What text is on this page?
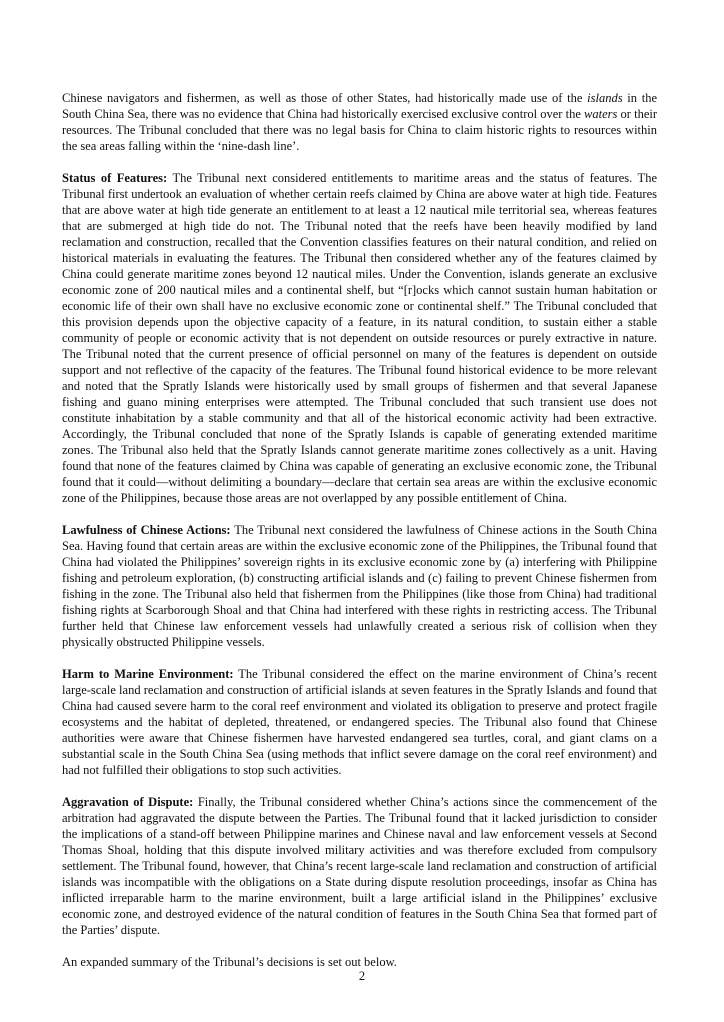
Chinese navigators and fishermen, as well as those of other States, had historically made use of the islands in the South China Sea, there was no evidence that China had historically exercised exclusive control over the waters or their resources. The Tribunal concluded that there was no legal basis for China to claim historic rights to resources within the sea areas falling within the ‘nine-dash line’.

Status of Features: The Tribunal next considered entitlements to maritime areas and the status of features. The Tribunal first undertook an evaluation of whether certain reefs claimed by China are above water at high tide. Features that are above water at high tide generate an entitlement to at least a 12 nautical mile territorial sea, whereas features that are submerged at high tide do not. The Tribunal noted that the reefs have been heavily modified by land reclamation and construction, recalled that the Convention classifies features on their natural condition, and relied on historical materials in evaluating the features. The Tribunal then considered whether any of the features claimed by China could generate maritime zones beyond 12 nautical miles. Under the Convention, islands generate an exclusive economic zone of 200 nautical miles and a continental shelf, but “[r]ocks which cannot sustain human habitation or economic life of their own shall have no exclusive economic zone or continental shelf.” The Tribunal concluded that this provision depends upon the objective capacity of a feature, in its natural condition, to sustain either a stable community of people or economic activity that is not dependent on outside resources or purely extractive in nature. The Tribunal noted that the current presence of official personnel on many of the features is dependent on outside support and not reflective of the capacity of the features. The Tribunal found historical evidence to be more relevant and noted that the Spratly Islands were historically used by small groups of fishermen and that several Japanese fishing and guano mining enterprises were attempted. The Tribunal concluded that such transient use does not constitute inhabitation by a stable community and that all of the historical economic activity had been extractive. Accordingly, the Tribunal concluded that none of the Spratly Islands is capable of generating extended maritime zones. The Tribunal also held that the Spratly Islands cannot generate maritime zones collectively as a unit. Having found that none of the features claimed by China was capable of generating an exclusive economic zone, the Tribunal found that it could—without delimiting a boundary—declare that certain sea areas are within the exclusive economic zone of the Philippines, because those areas are not overlapped by any possible entitlement of China.

Lawfulness of Chinese Actions: The Tribunal next considered the lawfulness of Chinese actions in the South China Sea. Having found that certain areas are within the exclusive economic zone of the Philippines, the Tribunal found that China had violated the Philippines’ sovereign rights in its exclusive economic zone by (a) interfering with Philippine fishing and petroleum exploration, (b) constructing artificial islands and (c) failing to prevent Chinese fishermen from fishing in the zone. The Tribunal also held that fishermen from the Philippines (like those from China) had traditional fishing rights at Scarborough Shoal and that China had interfered with these rights in restricting access. The Tribunal further held that Chinese law enforcement vessels had unlawfully created a serious risk of collision when they physically obstructed Philippine vessels.

Harm to Marine Environment: The Tribunal considered the effect on the marine environment of China’s recent large-scale land reclamation and construction of artificial islands at seven features in the Spratly Islands and found that China had caused severe harm to the coral reef environment and violated its obligation to preserve and protect fragile ecosystems and the habitat of depleted, threatened, or endangered species. The Tribunal also found that Chinese authorities were aware that Chinese fishermen have harvested endangered sea turtles, coral, and giant clams on a substantial scale in the South China Sea (using methods that inflict severe damage on the coral reef environment) and had not fulfilled their obligations to stop such activities.

Aggravation of Dispute: Finally, the Tribunal considered whether China’s actions since the commencement of the arbitration had aggravated the dispute between the Parties. The Tribunal found that it lacked jurisdiction to consider the implications of a stand-off between Philippine marines and Chinese naval and law enforcement vessels at Second Thomas Shoal, holding that this dispute involved military activities and was therefore excluded from compulsory settlement. The Tribunal found, however, that China’s recent large-scale land reclamation and construction of artificial islands was incompatible with the obligations on a State during dispute resolution proceedings, insofar as China has inflicted irreparable harm to the marine environment, built a large artificial island in the Philippines’ exclusive economic zone, and destroyed evidence of the natural condition of features in the South China Sea that formed part of the Parties’ dispute.

An expanded summary of the Tribunal’s decisions is set out below.

2
